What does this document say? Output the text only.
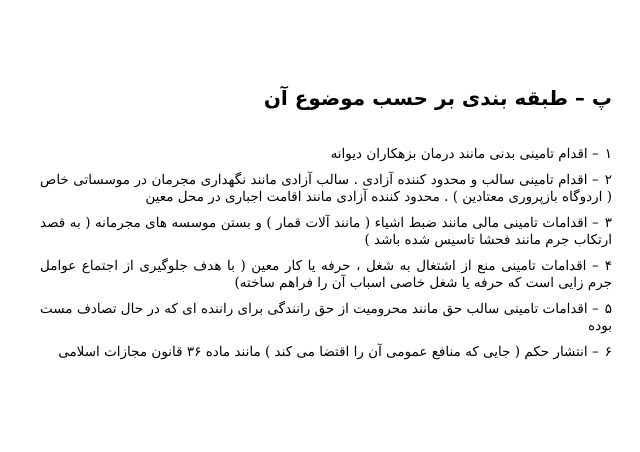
پ – طبقه بندی بر حسب موضوع آن
۱– اقدام تامینی بدنی مانند درمان بزهکاران دیوانه
۲– اقدام تامینی سالب و محدود کننده آزادی . سالب آزادی مانند نگهداری مجرمان در موسساتی خاص ( اردوگاه بازپروری معتادین ) . محدود کننده آزادی مانند اقامت اجباری در محل معین
۳– اقدامات تامینی مالی مانند ضبط اشیاء ( مانند آلات قمار ) و بستن موسسه های مجرمانه ( به قصد ارتکاب جرم مانند فحشا تاسیس شده باشد )
۴– اقدامات تامینی منع از اشتغال به شغل ، حرفه یا کار معین ( با هدف جلوگیری از اجتماع عوامل جرم زایی است که حرفه یا شغل خاصی اسباب آن را فراهم ساخته)
۵– اقدامات تامینی سالب حق مانند محرومیت از حق رانندگی برای راننده ای که در حال تصادف مست بوده
۶– انتشار حکم ( جایی که منافع عمومی آن را اقتضا می کند ) مانند ماده ۳۶ قانون مجازات اسلامی
